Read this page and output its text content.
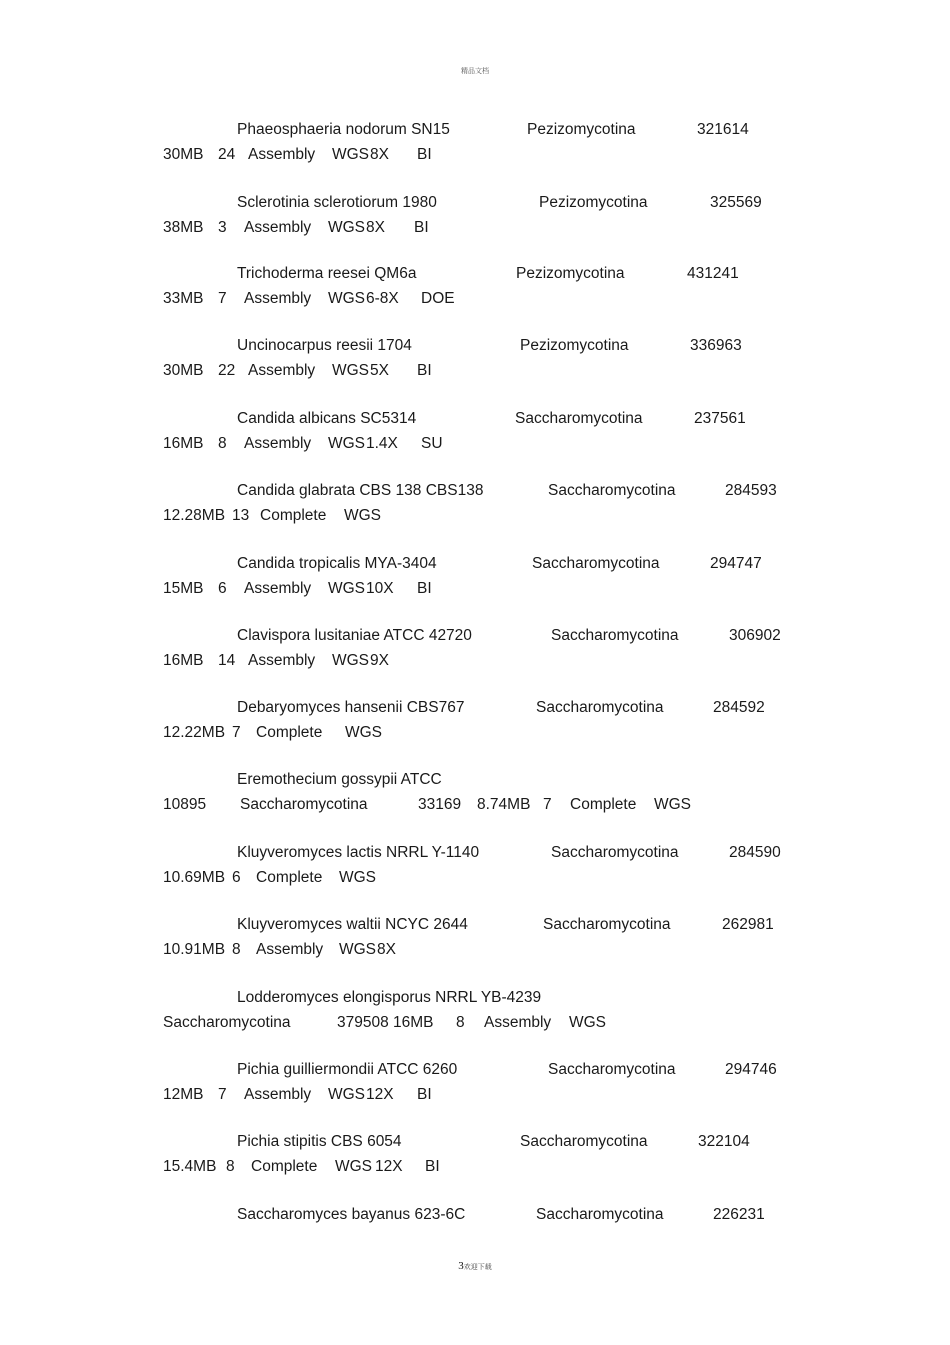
精品文档
Phaeosphaeria nodorum SN15	Pezizomycotina	321614
30MB 24 Assembly WGS 8X BI
Sclerotinia sclerotiorum 1980	Pezizomycotina	325569
38MB 3 Assembly WGS 8X BI
Trichoderma reesei QM6a	Pezizomycotina	431241
33MB 7 Assembly WGS 6-8X DOE
Uncinocarpus reesii 1704	Pezizomycotina	336963
30MB 22 Assembly WGS 5X BI
Candida albicans SC5314	Saccharomycotina	237561
16MB 8 Assembly WGS 1.4X SU
Candida glabrata CBS 138 CBS138	Saccharomycotina	284593
12.28MB 13 Complete WGS
Candida tropicalis MYA-3404	Saccharomycotina	294747
15MB 6 Assembly WGS 10X BI
Clavispora lusitaniae ATCC 42720	Saccharomycotina	306902
16MB 14 Assembly WGS 9X
Debaryomyces hansenii CBS767	Saccharomycotina	284592
12.22MB 7 Complete WGS
Eremothecium gossypii ATCC
10895 Saccharomycotina	33169 8.74MB 7 Complete WGS
Kluyveromyces lactis NRRL Y-1140	Saccharomycotina	284590
10.69MB 6 Complete WGS
Kluyveromyces waltii NCYC 2644	Saccharomycotina	262981
10.91MB 8 Assembly WGS 8X
Lodderomyces elongisporus NRRL YB-4239
Saccharomycotina	379508 16MB 8 Assembly WGS
Pichia guilliermondii ATCC 6260	Saccharomycotina	294746
12MB 7 Assembly WGS 12X BI
Pichia stipitis CBS 6054	Saccharomycotina	322104
15.4MB 8 Complete WGS 12X BI
Saccharomyces bayanus 623-6C	Saccharomycotina	226231
3欢迎下载
